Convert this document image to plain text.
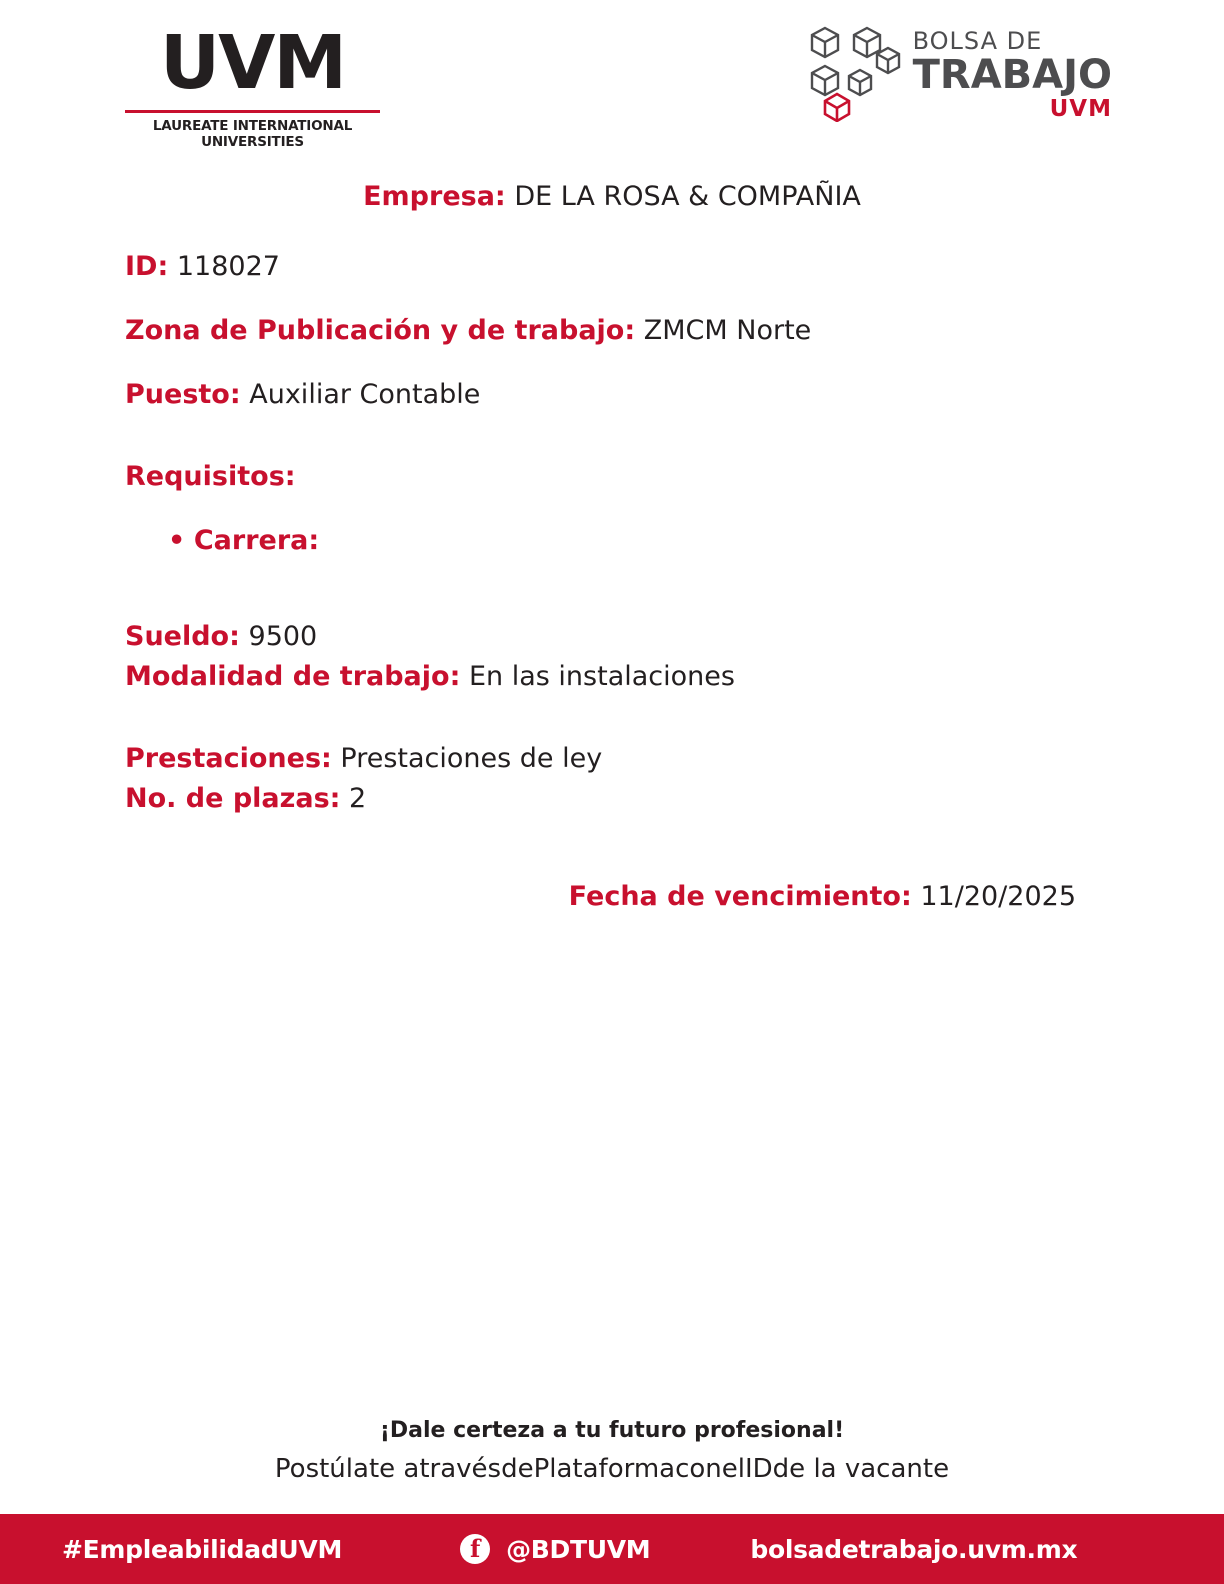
UVM
LAUREATE INTERNATIONAL UNIVERSITIES
BOLSA DE
TRABAJO
UVM

Empresa: DE LA ROSA & COMPAÑIA

ID: 118027

Zona de Publicación y de trabajo: ZMCM Norte

Puesto: Auxiliar Contable

Requisitos:

• Carrera:

Sueldo: 9500

Modalidad de trabajo: En las instalaciones

Prestaciones: Prestaciones de ley

No. de plazas: 2

Fecha de vencimiento: 11/20/2025

¡Dale certeza a tu futuro profesional!
Postúlate atravésdePlataformaconelIDde la vacante
#EmpleabilidadUVM	f	@BDTUVM	bolsadetrabajo.uvm.mx
